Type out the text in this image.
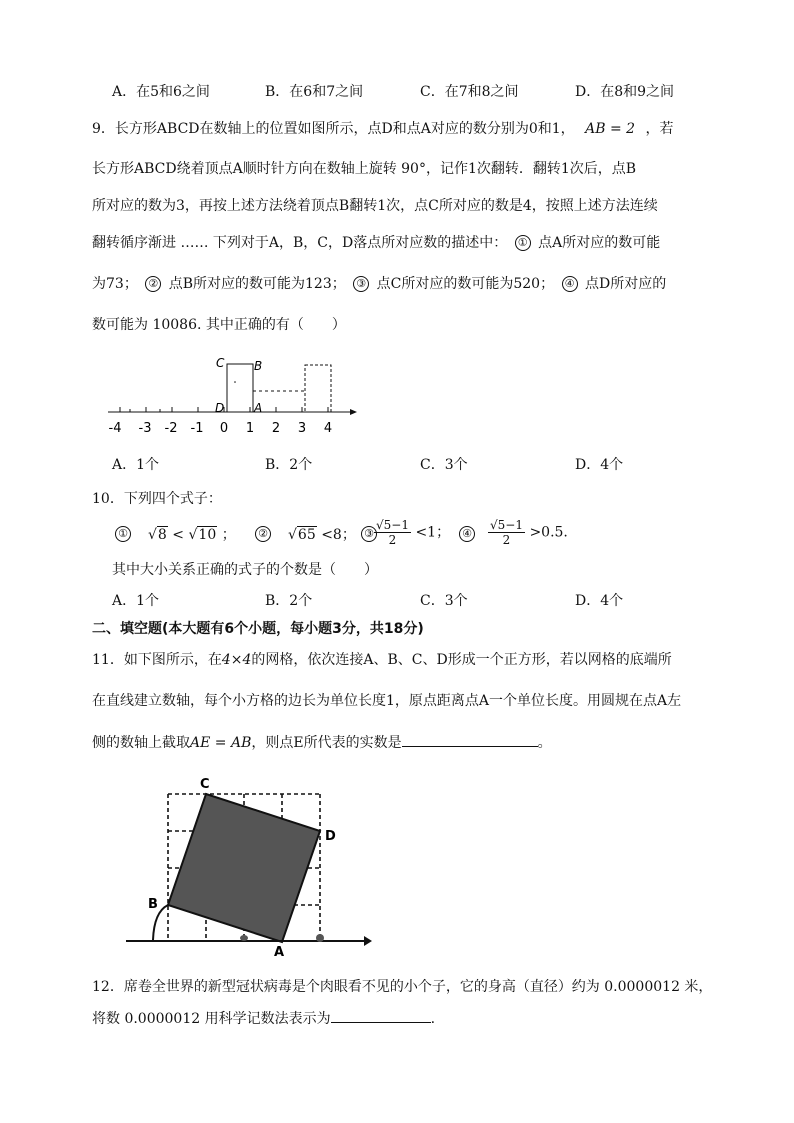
A．在5和6之间	B．在6和7之间	C．在7和8之间	D．在8和9之间
9．长方形ABCD在数轴上的位置如图所示，点D和点A对应的数分别为0和1， AB = 2 ，若
长方形ABCD绕着顶点A顺时针方向在数轴上旋转 90°，记作1次翻转．翻转1次后，点B
所对应的数为3，再按上述方法绕着顶点B翻转1次，点C所对应的数是4，按照上述方法连续
翻转循序渐进 …… 下列对于A，B，C，D落点所对应数的描述中： ① 点A所对应的数可能
为73； ② 点B所对应的数可能为123； ③ 点C所对应的数可能为520； ④ 点D所对应的
数可能为 10086. 其中正确的有（　　）
-4 -3 -2 -1 0 1 2 3 4
C B
D A
A．1个	B．2个	C．3个	D．4个
10．下列四个式子：
① √8 < √10 ； ② √65 <8； ③ $\frac{√5-1}{2} <1$； ④ $\frac{√5-1}{2} >0.5$.
其中大小关系正确的式子的个数是（　　）
A．1个	B．2个	C．3个	D．4个
二、填空题(本大题有6个小题，每小题3分，共18分)
11．如下图所示，在4×4的网格，依次连接A、B、C、D形成一个正方形，若以网格的底端所
在直线建立数轴，每个小方格的边长为单位长度1，原点距离点A一个单位长度。用圆规在点A左
侧的数轴上截取AE = AB，则点E所代表的实数是	。
C
D
B
A
12．席卷全世界的新型冠状病毒是个肉眼看不见的小个子，它的身高（直径）约为 0.0000012 米，
将数 0.0000012 用科学记数法表示为	.
